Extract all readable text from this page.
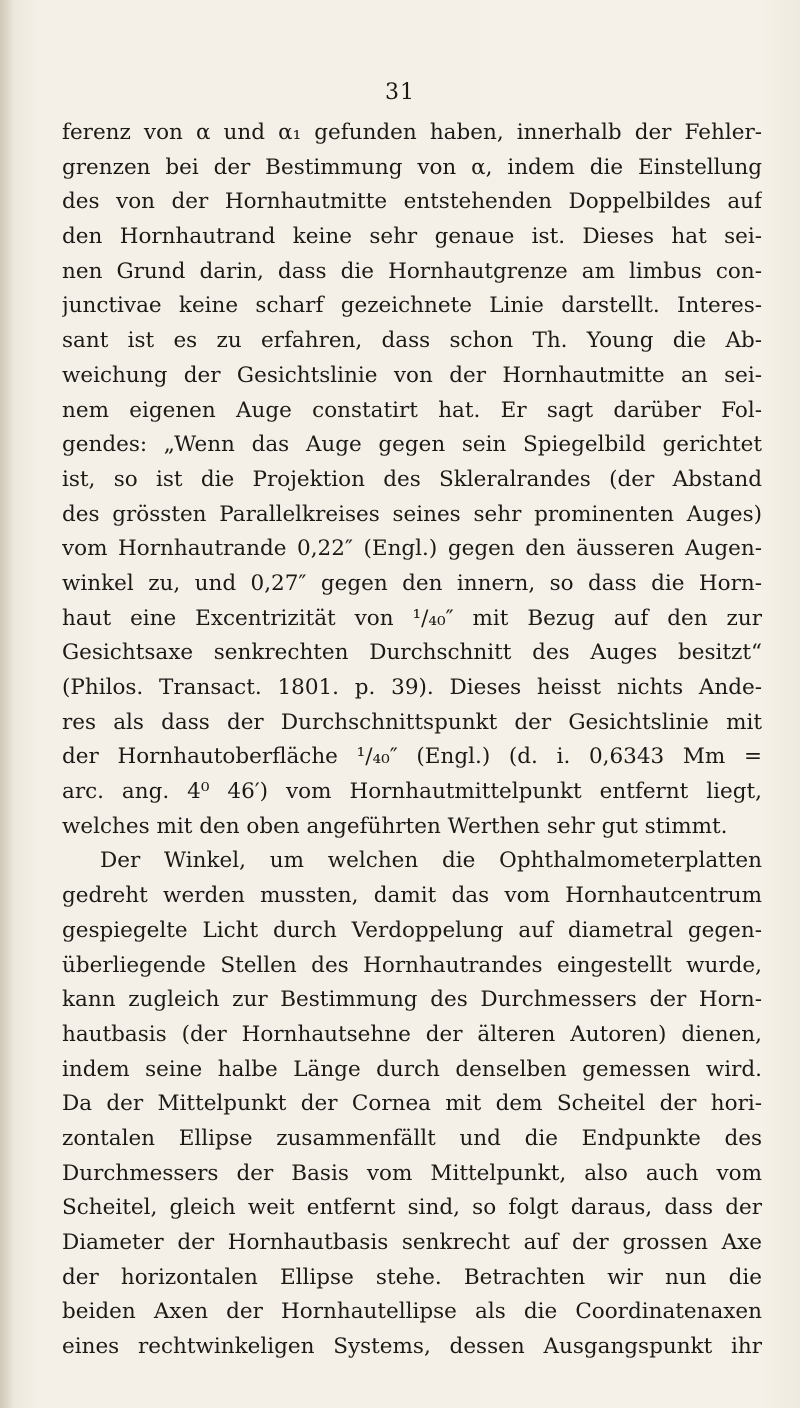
31
ferenz von α und α₁ gefunden haben, innerhalb der Fehler-
grenzen bei der Bestimmung von α, indem die Einstellung
des von der Hornhautmitte entstehenden Doppelbildes auf
den Hornhautrand keine sehr genaue ist. Dieses hat sei-
nen Grund darin, dass die Hornhautgrenze am limbus con-
junctivae keine scharf gezeichnete Linie darstellt. Interes-
sant ist es zu erfahren, dass schon Th. Young die Ab-
weichung der Gesichtslinie von der Hornhautmitte an sei-
nem eigenen Auge constatirt hat. Er sagt darüber Fol-
gendes: „Wenn das Auge gegen sein Spiegelbild gerichtet
ist, so ist die Projektion des Skleralrandes (der Abstand
des grössten Parallelkreises seines sehr prominenten Auges)
vom Hornhautrande 0,22″ (Engl.) gegen den äusseren Augen-
winkel zu, und 0,27″ gegen den innern, so dass die Horn-
haut eine Excentrizität von ¹/₄₀″ mit Bezug auf den zur
Gesichtsaxe senkrechten Durchschnitt des Auges besitzt“
(Philos. Transact. 1801. p. 39). Dieses heisst nichts Ande-
res als dass der Durchschnittspunkt der Gesichtslinie mit
der Hornhautoberfläche ¹/₄₀″ (Engl.) (d. i. 0,6343 Mm =
arc. ang. 4⁰ 46′) vom Hornhautmittelpunkt entfernt liegt,
welches mit den oben angeführten Werthen sehr gut stimmt.
Der Winkel, um welchen die Ophthalmometerplatten
gedreht werden mussten, damit das vom Hornhautcentrum
gespiegelte Licht durch Verdoppelung auf diametral gegen-
überliegende Stellen des Hornhautrandes eingestellt wurde,
kann zugleich zur Bestimmung des Durchmessers der Horn-
hautbasis (der Hornhautsehne der älteren Autoren) dienen,
indem seine halbe Länge durch denselben gemessen wird.
Da der Mittelpunkt der Cornea mit dem Scheitel der hori-
zontalen Ellipse zusammenfällt und die Endpunkte des
Durchmessers der Basis vom Mittelpunkt, also auch vom
Scheitel, gleich weit entfernt sind, so folgt daraus, dass der
Diameter der Hornhautbasis senkrecht auf der grossen Axe
der horizontalen Ellipse stehe. Betrachten wir nun die
beiden Axen der Hornhautellipse als die Coordinatenaxen
eines rechtwinkeligen Systems, dessen Ausgangspunkt ihr
